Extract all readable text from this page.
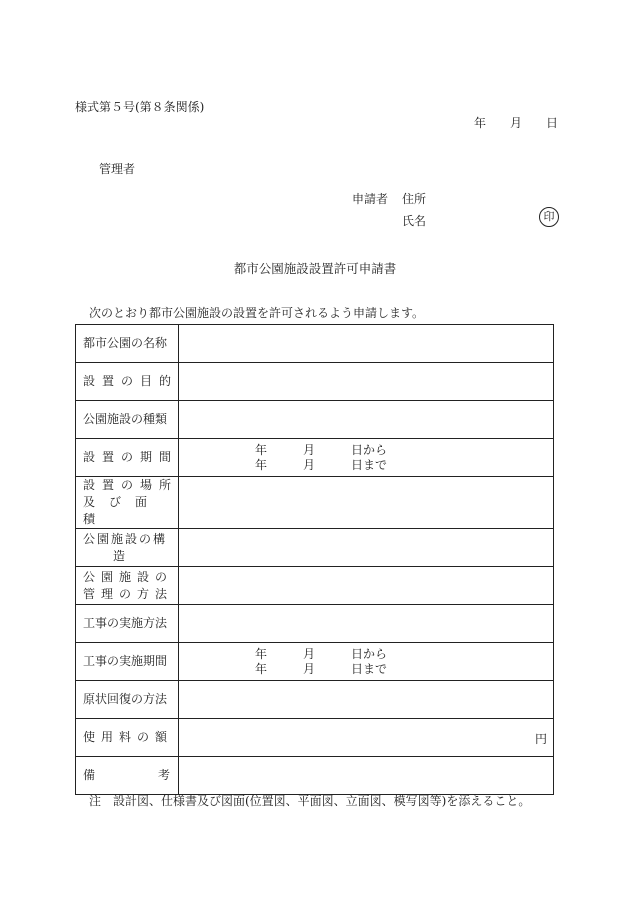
様式第５号(第８条関係)
年 月 日
管理者
申請者 住所
氏名	印
都市公園施設設置許可申請書
次のとおり都市公園施設の設置を許可されるよう申請します。
都市公園の名称	
設置の目的	
公園施設の種類	
設置の期間	年 月 日から
年 月 日まで

設置の場所
及び面積	

公園施設の構
造	

公園施設の
管理の方法	

工事の実施方法	
工事の実施期間	年 月 日から
年 月 日まで

原状回復の方法	
使用料の額	円

備 考	

注　設計図、仕様書及び図面(位置図、平面図、立面図、模写図等)を添えること。
